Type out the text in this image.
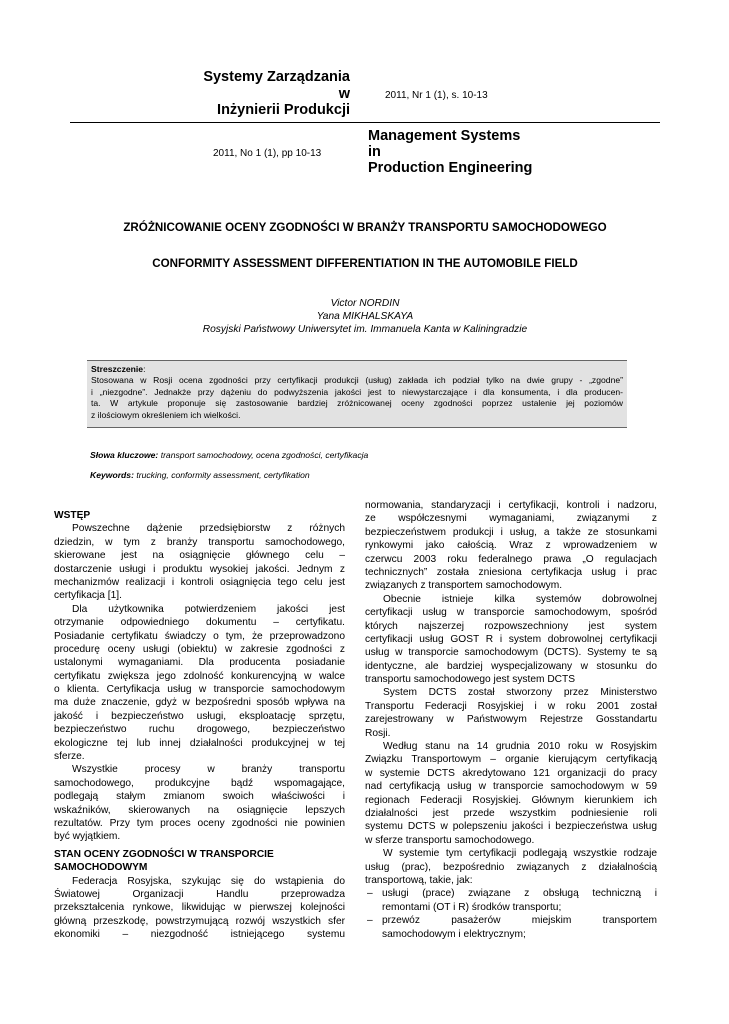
Systemy Zarządzania
w
Inżynierii Produkcji
2011, Nr 1 (1), s. 10-13
2011, No 1 (1), pp 10-13
Management Systems
in
Production Engineering
ZRÓŻNICOWANIE OCENY ZGODNOŚCI W BRANŻY TRANSPORTU SAMOCHODOWEGO
CONFORMITY ASSESSMENT DIFFERENTIATION IN THE AUTOMOBILE FIELD
Victor NORDIN
Yana MIKHALSKAYA
Rosyjski Państwowy Uniwersytet im. Immanuela Kanta w Kaliningradzie
Streszczenie:
Stosowana w Rosji ocena zgodności przy certyfikacji produkcji (usług) zakłada ich podział tylko na dwie grupy - „zgodne”
i „niezgodne”. Jednakże przy dążeniu do podwyższenia jakości jest to niewystarczające i dla konsumenta, i dla producen-
ta. W artykule proponuje się zastosowanie bardziej zróżnicowanej oceny zgodności poprzez ustalenie jej poziomów
z ilościowym określeniem ich wielkości.
Słowa kluczowe: transport samochodowy, ocena zgodności, certyfikacja
Keywords: trucking, conformity assessment, certyfikation
WSTĘP
Powszechne dążenie przedsiębiorstw z różnych
dziedzin, w tym z branży transportu samochodowego,
skierowane jest na osiągnięcie głównego celu –
dostarczenie usługi i produktu wysokiej jakości. Jednym z
mechanizmów realizacji i kontroli osiągnięcia tego celu jest
certyfikacja [1].
Dla użytkownika potwierdzeniem jakości jest
otrzymanie odpowiedniego dokumentu – certyfikatu.
Posiadanie certyfikatu świadczy o tym, że przeprowadzono
procedurę oceny usługi (obiektu) w zakresie zgodności z
ustalonymi wymaganiami. Dla producenta posiadanie
certyfikatu zwiększa jego zdolność konkurencyjną w walce
o klienta. Certyfikacja usług w transporcie samochodowym
ma duże znaczenie, gdyż w bezpośredni sposób wpływa na
jakość i bezpieczeństwo usługi, eksploatację sprzętu,
bezpieczeństwo ruchu drogowego, bezpieczeństwo
ekologiczne tej lub innej działalności produkcyjnej w tej
sferze.
Wszystkie procesy w branży transportu
samochodowego, produkcyjne bądź wspomagające,
podlegają stałym zmianom swoich właściwości i
wskaźników, skierowanych na osiągnięcie lepszych
rezultatów. Przy tym proces oceny zgodności nie powinien
być wyjątkiem.
STAN OCENY ZGODNOŚCI W TRANSPORCIE
SAMOCHODOWYM
Federacja Rosyjska, szykując się do wstąpienia do
Światowej Organizacji Handlu przeprowadza
przekształcenia rynkowe, likwidując w pierwszej kolejności
główną przeszkodę, powstrzymującą rozwój wszystkich sfer
ekonomiki – niezgodność istniejącego systemu
normowania, standaryzacji i certyfikacji, kontroli i nadzoru,
ze współczesnymi wymaganiami, związanymi z
bezpieczeństwem produkcji i usług, a także ze stosunkami
rynkowymi jako całością. Wraz z wprowadzeniem w
czerwcu 2003 roku federalnego prawa „O regulacjach
technicznych” została zniesiona certyfikacja usług i prac
związanych z transportem samochodowym.
Obecnie istnieje kilka systemów dobrowolnej
certyfikacji usług w transporcie samochodowym, spośród
których najszerzej rozpowszechniony jest system
certyfikacji usług GOST R i system dobrowolnej certyfikacji
usług w transporcie samochodowym (DCTS). Systemy te są
identyczne, ale bardziej wyspecjalizowany w stosunku do
transportu samochodowego jest system DCTS
System DCTS został stworzony przez Ministerstwo
Transportu Federacji Rosyjskiej i w roku 2001 został
zarejestrowany w Państwowym Rejestrze Gosstandartu
Rosji.
Według stanu na 14 grudnia 2010 roku w Rosyjskim
Związku Transportowym – organie kierującym certyfikacją
w systemie DCTS akredytowano 121 organizacji do pracy
nad certyfikacją usług w transporcie samochodowym w 59
regionach Federacji Rosyjskiej. Głównym kierunkiem ich
działalności jest przede wszystkim podniesienie roli
systemu DCTS w polepszeniu jakości i bezpieczeństwa usług
w sferze transportu samochodowego.
W systemie tym certyfikacji podlegają wszystkie rodzaje
usług (prac), bezpośrednio związanych z działalnością
transportową, takie, jak:
– usługi (prace) związane z obsługą techniczną i
remontami (OT i R) środków transportu;
– przewóz pasażerów miejskim transportem
samochodowym i elektrycznym;
